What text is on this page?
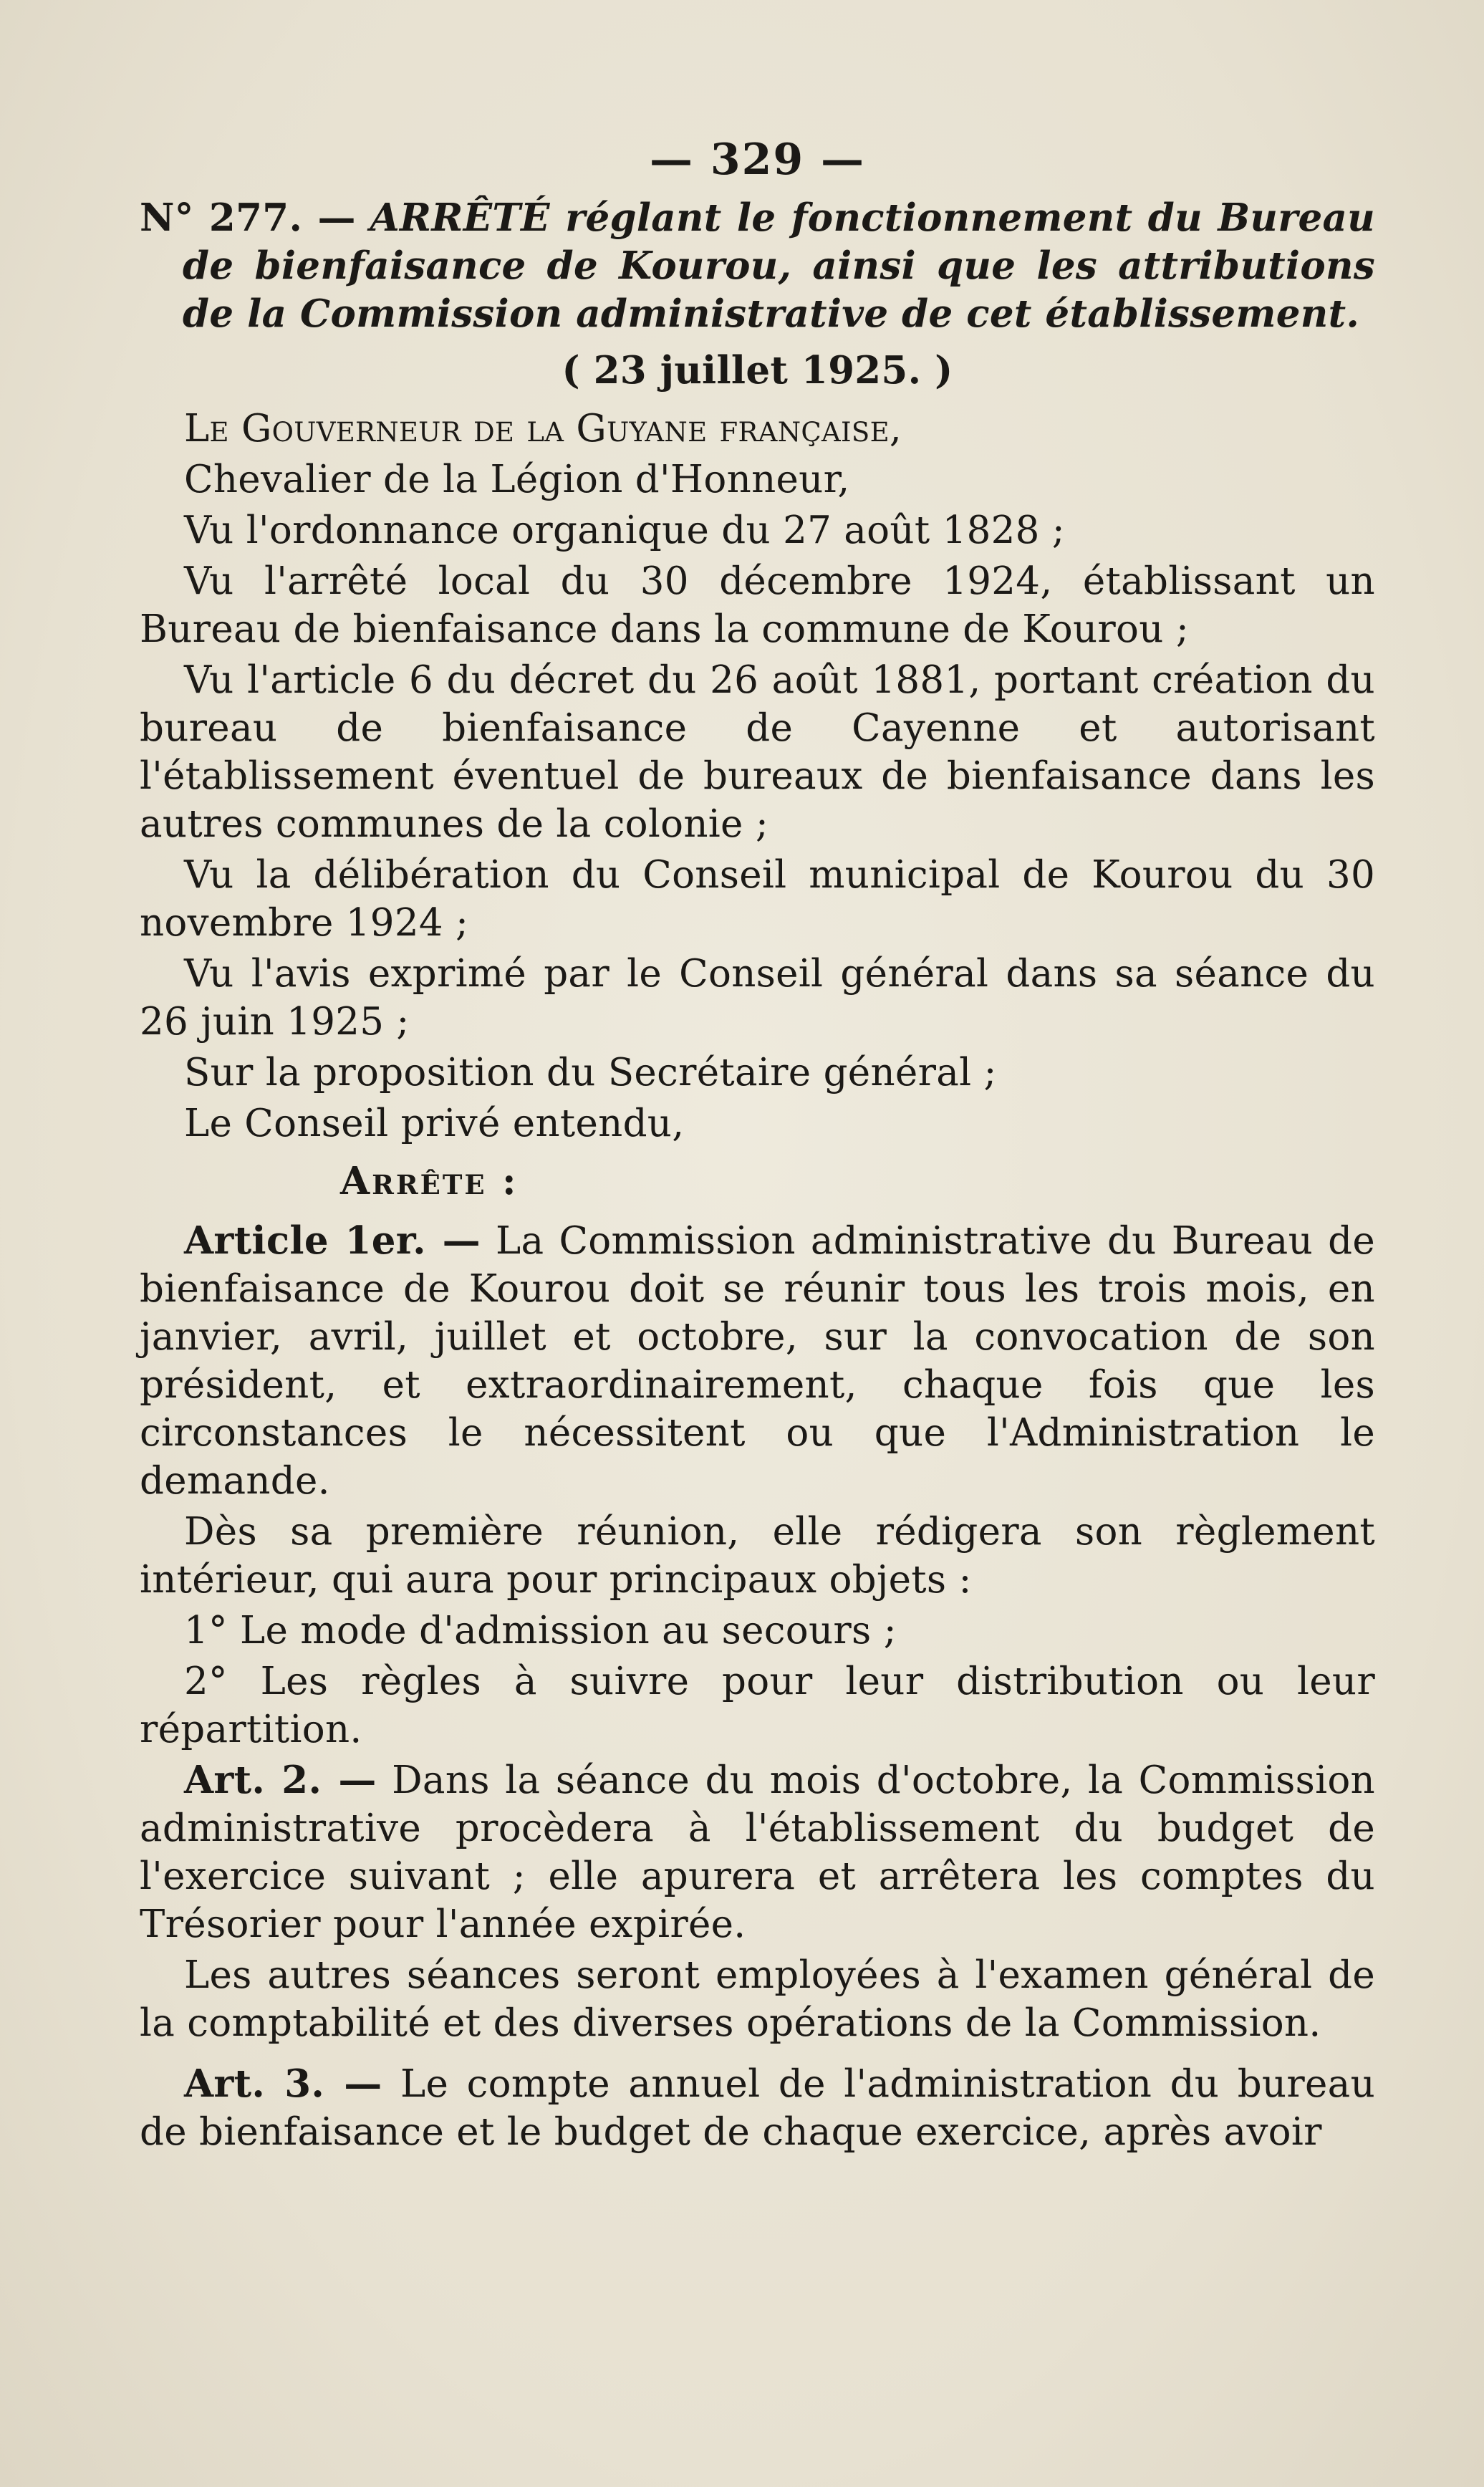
— 329 —

N° 277. — ARRÊTÉ réglant le fonctionnement du Bureau de bienfaisance de Kourou, ainsi que les attributions de la Commission administrative de cet établissement.

( 23 juillet 1925. )

Le Gouverneur de la Guyane française,

Chevalier de la Légion d'Honneur,

Vu l'ordonnance organique du 27 août 1828 ;

Vu l'arrêté local du 30 décembre 1924, établissant un Bureau de bienfaisance dans la commune de Kourou ;

Vu l'article 6 du décret du 26 août 1881, portant création du bureau de bienfaisance de Cayenne et autorisant l'établissement éventuel de bureaux de bienfaisance dans les autres communes de la colonie ;

Vu la délibération du Conseil municipal de Kourou du 30 novembre 1924 ;

Vu l'avis exprimé par le Conseil général dans sa séance du 26 juin 1925 ;

Sur la proposition du Secrétaire général ;

Le Conseil privé entendu,

Arrête :

Article 1er. — La Commission administrative du Bureau de bienfaisance de Kourou doit se réunir tous les trois mois, en janvier, avril, juillet et octobre, sur la convocation de son président, et extraordinairement, chaque fois que les circonstances le nécessitent ou que l'Administration le demande.

Dès sa première réunion, elle rédigera son règlement intérieur, qui aura pour principaux objets :

1° Le mode d'admission au secours ;

2° Les règles à suivre pour leur distribution ou leur répartition.

Art. 2. — Dans la séance du mois d'octobre, la Commission administrative procèdera à l'établissement du budget de l'exercice suivant ; elle apurera et arrêtera les comptes du Trésorier pour l'année expirée.

Les autres séances seront employées à l'examen général de la comptabilité et des diverses opérations de la Commission.

Art. 3. — Le compte annuel de l'administration du bureau de bienfaisance et le budget de chaque exercice, après avoir
